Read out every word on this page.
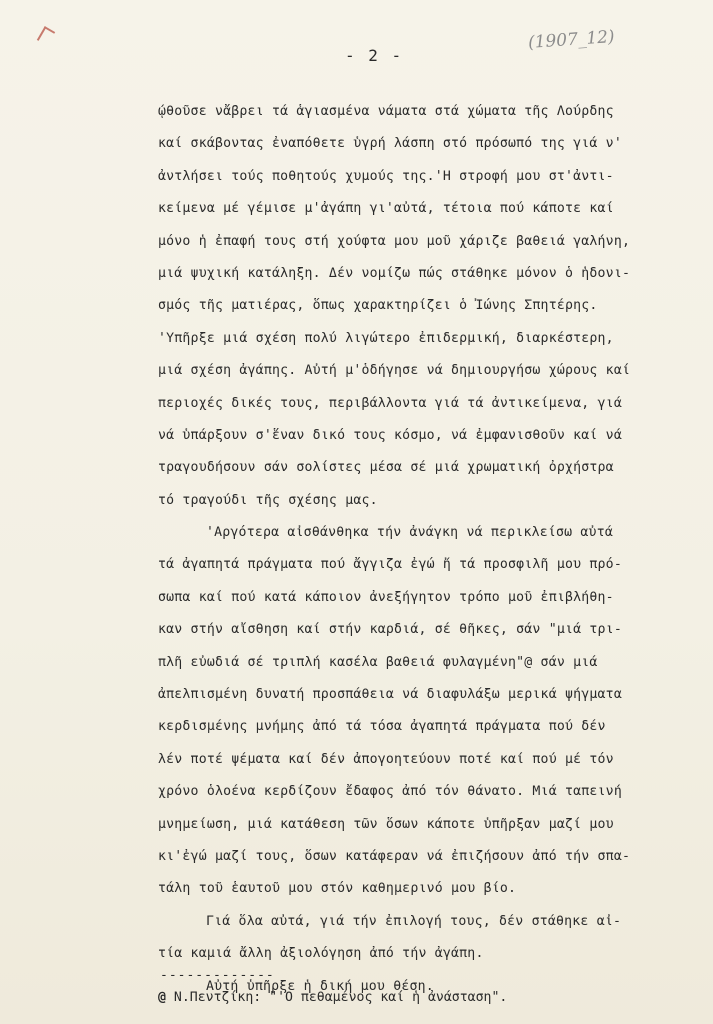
- 2 -
(1907_12)
ῴθοῦσε νἄβρει τά ἁγιασμένα νάματα στά χώματα τῆς Λούρδης
καί σκάβοντας ἐναπόθετε ὑγρή λάσπη στό πρόσωπό της γιά ν'
ἀντλήσει τούς ποθητούς χυμούς της.'Η στροφή μου στ'ἀντι-
κείμενα μέ γέμισε μ'ἀγάπη γι'αὐτά, τέτοια πού κάποτε καί
μόνο ἡ ἐπαφή τους στή χούφτα μου μοῦ χάριζε βαθειά γαλήνη,
μιά ψυχική κατάληξη. Δέν νομίζω πώς στάθηκε μόνον ὁ ἡδονι-
σμός τῆς ματιέρας, ὅπως χαρακτηρίζει ὁ Ἰώνης Σπητέρης.
'Υπῆρξε μιά σχέση πολύ λιγώτερο ἐπιδερμική, διαρκέστερη,
μιά σχέση ἀγάπης. Αὐτή μ'ὁδήγησε νά δημιουργήσω χώρους καί
περιοχές δικές τους, περιβάλλοντα γιά τά ἀντικείμενα, γιά
νά ὑπάρξουν σ'ἕναν δικό τους κόσμο, νά ἐμφανισθοῦν καί νά
τραγουδήσουν σάν σολίστες μέσα σέ μιά χρωματική ὀρχήστρα
τό τραγούδι τῆς σχέσης μας.
'Αργότερα αἰσθάνθηκα τήν ἀνάγκη νά περικλείσω αὐτά
τά ἀγαπητά πράγματα πού ἄγγιζα ἐγώ ἤ τά προσφιλῆ μου πρό-
σωπα καί πού κατά κάποιον ἀνεξήγητον τρόπο μοῦ ἐπιβλήθη-
καν στήν αἴσθηση καί στήν καρδιά, σέ θῆκες, σάν "μιά τρι-
πλῆ εὐωδιά σέ τριπλή κασέλα βαθειά φυλαγμένη"@ σάν μιά
ἀπελπισμένη δυνατή προσπάθεια νά διαφυλάξω μερικά ψήγματα
κερδισμένης μνήμης ἀπό τά τόσα ἀγαπητά πράγματα πού δέν
λέν ποτέ ψέματα καί δέν ἀπογοητεύουν ποτέ καί πού μέ τόν
χρόνο ὁλοένα κερδίζουν ἔδαφος ἀπό τόν θάνατο. Μιά ταπεινή
μνημείωση, μιά κατάθεση τῶν ὅσων κάποτε ὑπῆρξαν μαζί μου
κι'ἐγώ μαζί τους, ὅσων κατάφεραν νά ἐπιζήσουν ἀπό τήν σπα-
τάλη τοῦ ἑαυτοῦ μου στόν καθημερινό μου βίο.
Γιά ὅλα αὐτά, γιά τήν ἐπιλογή τους, δέν στάθηκε αἰ-
τία καμιά ἄλλη ἀξιολόγηση ἀπό τήν ἀγάπη.
Αὐτή ὑπῆρξε ἡ δική μου θέση.
-------------
@ Ν.Πεντζίκη: "'Ο πεθαμένος καί ἡ ἀνάσταση".
